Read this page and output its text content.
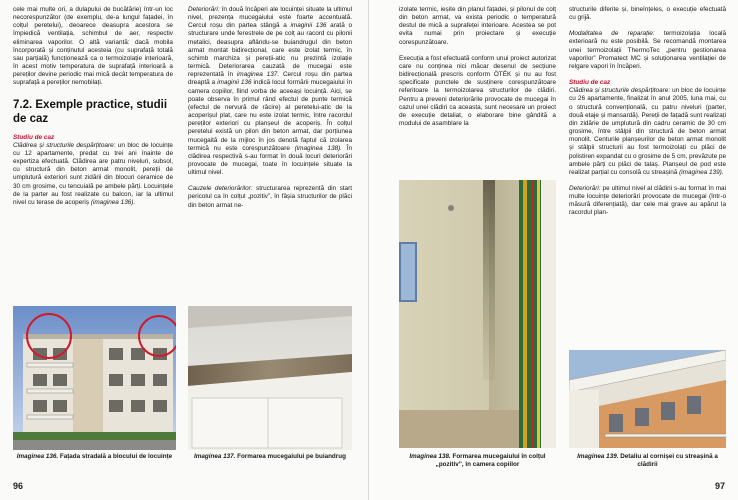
cele mai multe ori, a dulapului de bucătărie) într-un loc necorespunzător (de exemplu, de-a lungul fațadei, în colțul peretelui), deoarece deasupra acestora se împiedică ventilația, schimbul de aer, respectiv eliminarea vaporilor. O altă variantă: dacă mobila încorporată și conținutul acesteia (cu suprafață totală sau parțială) funcționează ca o termoizolație interioară, în acest motiv temperatura de suprafață interioară a pereților devine periodic mai mică decât temperatura de suprafață a pereților nemobilați.

7.2. Exemple practice, studii de caz

Studiu de caz

Clădirea și structurile despărțitoare: un bloc de locuințe cu 12 apartamente, predat cu trei ani înainte de expertiza efectuată. Clădirea are patru niveluri, subsol, cu structură din beton armat monolit, pereții de umplutură exteriori sunt zidării din blocuri ceramice de 30 cm grosime, cu tencuială pe ambele părți. Locuințele de la parter au fost realizate cu balcon, iar la ultimul nivel cu terase de acoperiș (imaginea 136).

Deteriorări: în două încăperi ale locuinței situate la ultimul nivel, prezența mucegaiului este foarte accentuată. Cercul roșu din partea stângă a imaginii 136 arată o structurare unde ferestrele de pe colț au racord cu pilonii metalici, deasupra aflându-se buiandrugul din beton armat montat bidirecțional, care este izolat termic, în schimb marchiza și pereții-atic nu prezintă izolație termică. Deteriorarea cauzată de mucegai este reprezentată în imaginea 137. Cercul roșu din partea dreaptă a imaginii 136 indică locul formării mucegaiului în camera copiilor, fiind vorba de aceeași locuință. Aici, se poate observa în primul rând efectul de punte termică (efectul de nervură de răcire) al peretelui-atic de la acoperișul plat, care nu este izolat termic, între racordul pereților exteriori cu planșeul de acoperiș. În colțul peretelui există un pilon din beton armat, dar porțiunea mucegaită de la mijloc în jos denotă faptul că izolarea termică nu este corespunzătoare (imaginea 138). În clădirea respectivă s-au format în două locuri deteriorări provocate de mucegai, toate în locuințele situate la ultimul nivel.

Cauzele deteriorărilor: structurarea reprezentă din start pericolul ca în colțul „pozitiv”, în fâșia structurilor de plăci din beton armat ne-

Imaginea 136. Fațada stradală a blocului de locuințe	Imaginea 137. Formarea mucegaiului pe buiandrug
96

izolate termic, ieșite din planul fațadei, și pilonul de colț din beton armat, va exista periodic o temperatură destul de mică a suprafeței interioare. Acestea se pot evita numai prin proiectare și execuție corespunzătoare.

Execuția a fost efectuată conform unui proiect autorizat care nu conținea nici măcar desenul de secțiune bidirecțională prescris conform ÖTÉK și nu au fost specificate punctele de susținere corespunzătoare referitoare la termoizolarea structurilor de clădiri. Pentru a preveni deteriorările provocate de mucegai în cazul unei clădiri ca aceasta, sunt necesare un proiect de execuție detaliat, o elaborare bine gândită a modului de asamblare la

structurile diferite și, bineînțeles, o execuție efectuată cu grijă.

Modalitatea de reparație: termoizolația locală exterioară nu este posibilă. Se recomandă montarea unei termoizolații ThermoTec „pentru gestionarea vaporilor” Promatect MC și soluționarea ventilației de relgare vapori în încăperi.

Studiu de caz

Clădirea și structurile despărțitoare: un bloc de locuințe cu 26 apartamente, finalizat în anul 2005, luna mai, cu o structură convențională, cu patru niveluri (parter, două etaje și mansardă). Pereții de fațadă sunt realizați din zidărie de umplutură din cadru ceramic de 30 cm grosime, între stâlpii din structură de beton armat monolit. Centurile planșeurilor de beton armat monolit și stâlpii structurii au fost termoizolați cu plăci de polistiren expandat cu o grosime de 5 cm, prevăzute pe ambele părți cu plăci de talaș. Planșeul de pod este realizat parțial cu consolă cu streașină (imaginea 139).

Deteriorări: pe ultimul nivel al clădirii s-au format în mai multe locuințe deteriorări provocate de mucegai (într-o măsură diferențiată), dar cele mai grave au apărut la racordul plan-

Imaginea 138. Formarea mucegaiului în colțul „pozitiv”, în camera copiilor
Imaginea 139. Detaliu al cornișei cu streașină a clădirii
97
